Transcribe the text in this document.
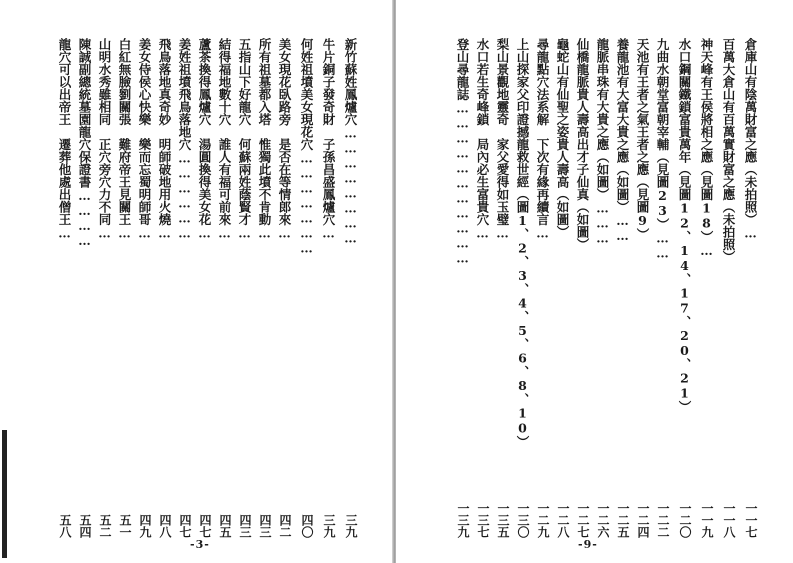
新竹蘇姓鳳爐穴……………………
三九
牛片銅子發奇財　子孫昌盛鳳爐穴…
三九
何姓祖墳美女現花穴…………………
四〇
美女現花臥路旁　是否在等情郎來…
四二
所有祖墓都入塔　惟獨此墳不肯動…
四三
五指山下好龍穴　何蘇兩姓蔭賢才…
四三
結得福地數十穴　誰人有福可前來…
四五
蘆茶換得鳳爐穴　湯圓換得美女花…
四七
姜姓祖墳飛鳥落地穴………………
四七
飛鳥落地真奇妙　明師破地用火燒…
四八
姜女侍侯心快樂　樂而忘蜀明師哥…
四九
白紅無臉劉關張　難府帝王見關王…
五一
山明水秀雖相同　正穴旁穴力不同…
五二
陳誠副總統墓園龍穴保證書…………
五四
龍穴可以出帝王　遷葬他處出僧王…
五八
-3-
倉庫山有陰萬財富之應（未拍照）…
一一七
百萬大倉山有百萬實財富之應（未拍照）
一一八
神天峰有王侯將相之應（見圖18）…
一一九
水口鋼關鐵鎖富貴萬年（見圖12、14、17、20、21）
一二〇
九曲水朝堂富朝宰輔（見圖23）……
一二二
天池有王者之氣王者之應（見圖9）
一二四
養龍池有大富大貴之應（如圖）……
一二五
龍脈串珠有大貴之應（如圖）………
一二六
仙橋龍脈貴人壽高出才子仙真（如圖）
一二七
龜蛇山有仙聖之姿貴人壽高（如圖）
一二八
尋龍點穴法系解　下次有緣再續言…
一二九
上山探家父印證撼龍救世經（圖1、2、3、4、5、6、8、10）
一三〇
梨山景觀地靈奇　家父愛得如玉璧…
一三五
水口若生奇峰鎖　局內必生富貴穴…
一三七
登山尋龍誌……………………………
一三九
-9-
